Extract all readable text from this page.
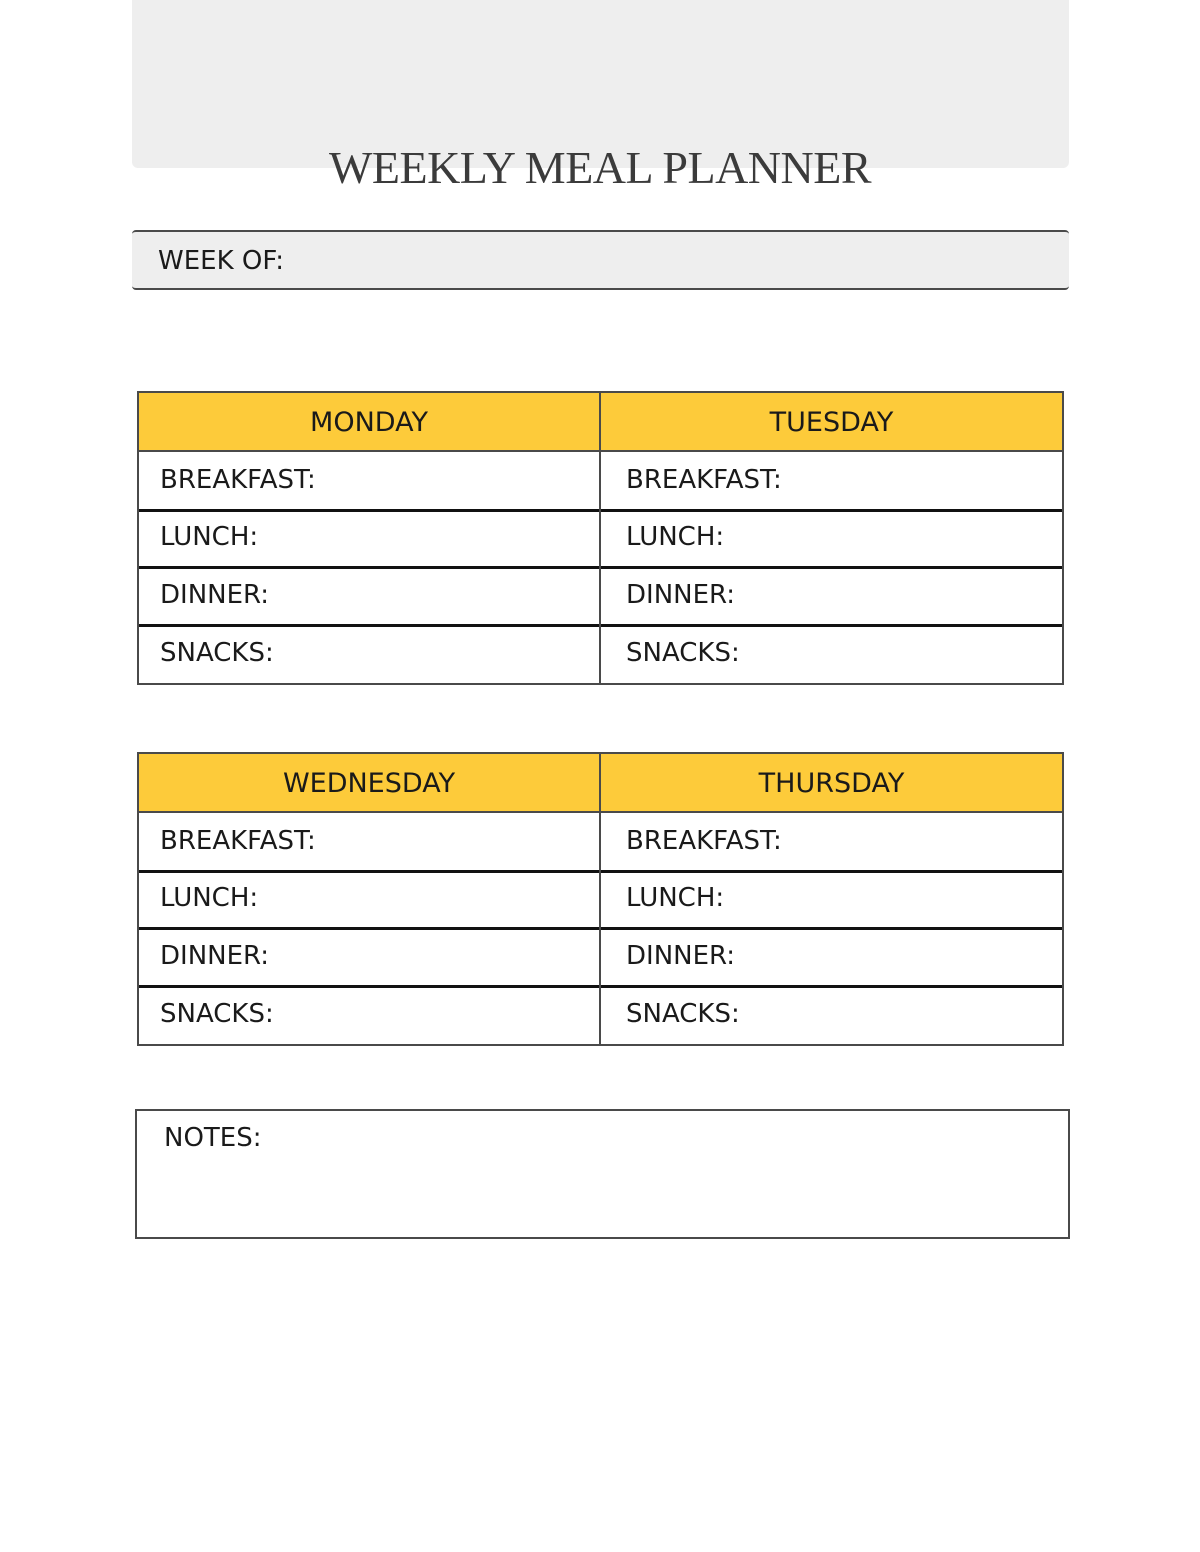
WEEKLY MEAL PLANNER
WEEK OF:
MONDAY
BREAKFAST:
LUNCH:
DINNER:
SNACKS:
TUESDAY
BREAKFAST:
LUNCH:
DINNER:
SNACKS:
WEDNESDAY
BREAKFAST:
LUNCH:
DINNER:
SNACKS:
THURSDAY
BREAKFAST:
LUNCH:
DINNER:
SNACKS:
NOTES:
